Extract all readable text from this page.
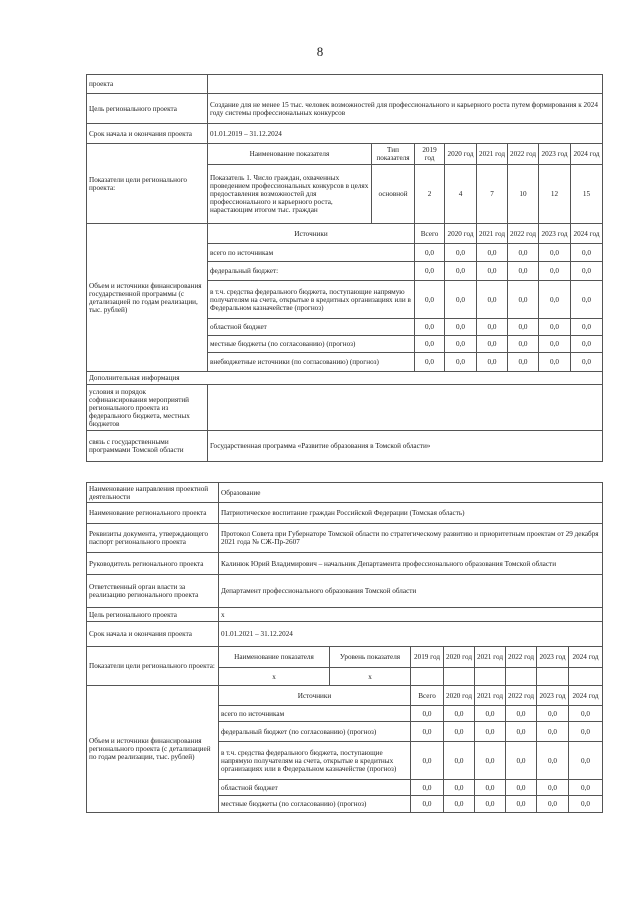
8
проекта	
Цель регионального проекта	Создание для не менее 15 тыс. человек возможностей для профессионального и карьерного роста путем формирования к 2024 году системы профессиональных конкурсов
Срок начала и окончания проекта	01.01.2019 – 31.12.2024
Показатели цели регионального проекта:	Наименование показателя	Тип показателя	2019 год	2020 год	2021 год	2022 год	2023 год	2024 год
	Показатель 1. Число граждан, охваченных проведением профессиональных конкурсов в целях предоставления возможностей для профессионального и карьерного роста, нарастающим итогом тыс. граждан	основной	2	4	7	10	12	15
Объем и источники финансирования государственной программы (с детализацией по годам реализации, тыс. рублей)	Источники		Всего	2020 год	2021 год	2022 год	2023 год	2024 год
	всего по источникам		0,0	0,0	0,0	0,0	0,0	0,0
	федеральный бюджет:		0,0	0,0	0,0	0,0	0,0	0,0
	в т.ч. средства федерального бюджета, поступающие напрямую получателям на счета, открытые в кредитных организациях или в Федеральном казначействе (прогноз)		0,0	0,0	0,0	0,0	0,0	0,0
	областной бюджет		0,0	0,0	0,0	0,0	0,0	0,0
	местные бюджеты (по согласованию) (прогноз)		0,0	0,0	0,0	0,0	0,0	0,0
	внебюджетные источники (по согласованию) (прогноз)		0,0	0,0	0,0	0,0	0,0	0,0
Дополнительная информация								
условия и порядок софинансирования мероприятий регионального проекта из федерального бюджета, местных бюджетов								
связь с государственными программами Томской области	Государственная программа «Развитие образования в Томской области»							
Наименование направления проектной деятельности	Образование							
Наименование регионального проекта	Патриотическое воспитание граждан Российской Федерации (Томская область)							
Реквизиты документа, утверждающего паспорт регионального проекта	Протокол Совета при Губернаторе Томской области по стратегическому развитию и приоритетным проектам от 29 декабря 2021 года № СЖ-Пр-2607							
Руководитель регионального проекта	Калинюк Юрий Владимирович – начальник Департамента профессионального образования Томской области							
Ответственный орган власти за реализацию регионального проекта	Департамент профессионального образования Томской области							
Цель регионального проекта	х							
Срок начала и окончания проекта	01.01.2021 – 31.12.2024							
Показатели цели регионального проекта:	Наименование показателя	Уровень показателя	2019 год	2020 год	2021 год	2022 год	2023 год	2024 год
	х	х						
Объем и источники финансирования регионального проекта (с детализацией по годам реализации, тыс. рублей)	Источники		Всего	2020 год	2021 год	2022 год	2023 год	2024 год
	всего по источникам		0,0	0,0	0,0	0,0	0,0	0,0
	федеральный бюджет (по согласованию) (прогноз)		0,0	0,0	0,0	0,0	0,0	0,0
	в т.ч. средства федерального бюджета, поступающие напрямую получателям на счета, открытые в кредитных организациях или в Федеральном казначействе (прогноз)		0,0	0,0	0,0	0,0	0,0	0,0
	областной бюджет		0,0	0,0	0,0	0,0	0,0	0,0
	местные бюджеты (по согласованию) (прогноз)		0,0	0,0	0,0	0,0	0,0	0,0
